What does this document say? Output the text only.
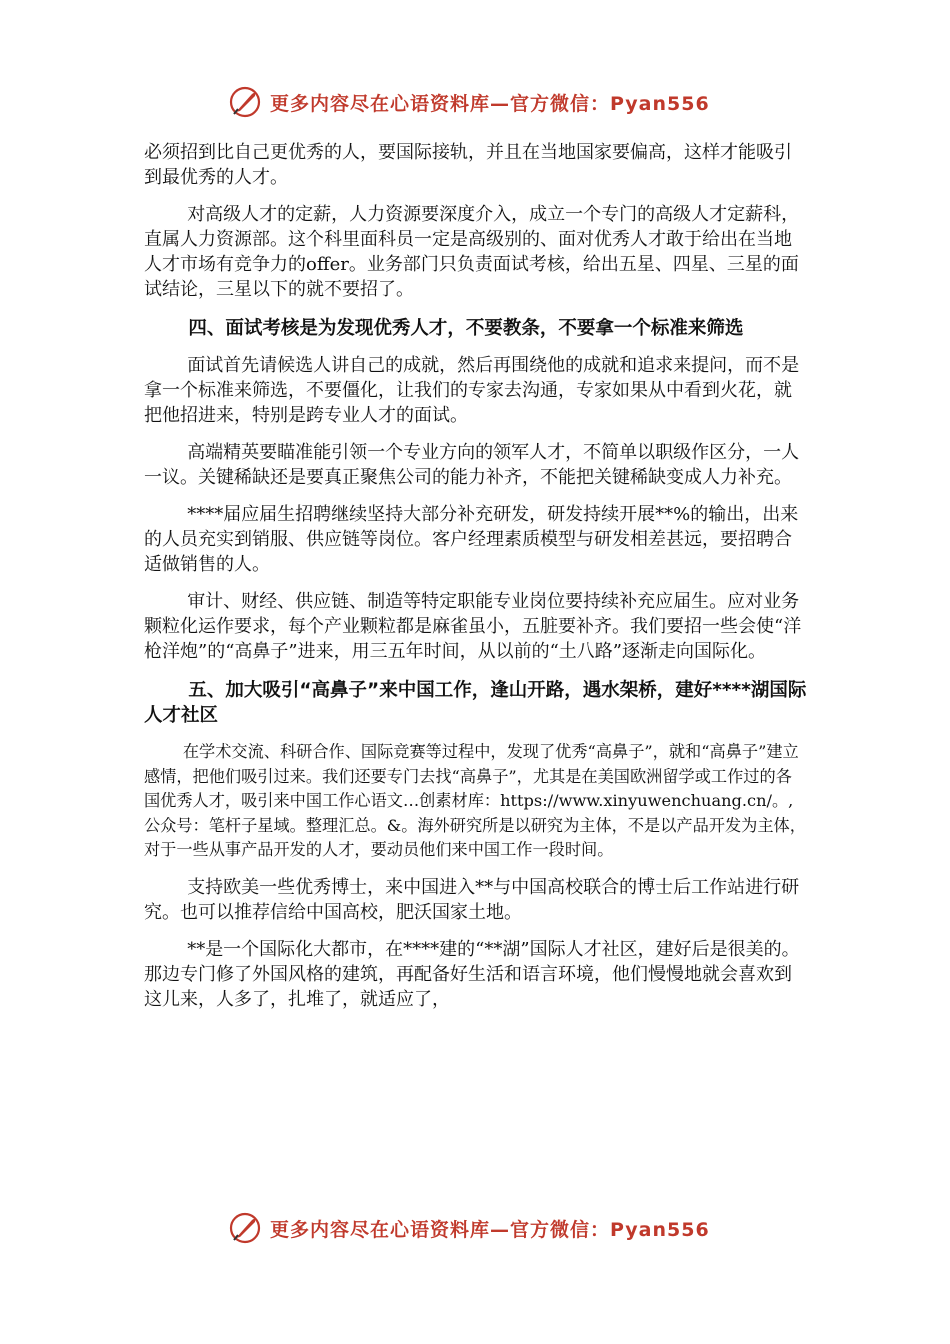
更多内容尽在心语资料库—官方微信：Pyan556

必须招到比自己更优秀的人，要国际接轨，并且在当地国家要偏高，这样才能吸引到最优秀的人才。

对高级人才的定薪，人力资源要深度介入，成立一个专门的高级人才定薪科，直属人力资源部。这个科里面科员一定是高级别的、面对优秀人才敢于给出在当地人才市场有竞争力的offer。业务部门只负责面试考核，给出五星、四星、三星的面试结论，三星以下的就不要招了。

四、面试考核是为发现优秀人才，不要教条，不要拿一个标准来筛选

面试首先请候选人讲自己的成就，然后再围绕他的成就和追求来提问，而不是拿一个标准来筛选，不要僵化，让我们的专家去沟通，专家如果从中看到火花，就把他招进来，特别是跨专业人才的面试。

高端精英要瞄准能引领一个专业方向的领军人才，不简单以职级作区分，一人一议。关键稀缺还是要真正聚焦公司的能力补齐，不能把关键稀缺变成人力补充。

****届应届生招聘继续坚持大部分补充研发，研发持续开展**%的输出，出来的人员充实到销服、供应链等岗位。客户经理素质模型与研发相差甚远，要招聘合适做销售的人。

审计、财经、供应链、制造等特定职能专业岗位要持续补充应届生。应对业务颗粒化运作要求，每个产业颗粒都是麻雀虽小，五脏要补齐。我们要招一些会使“洋枪洋炮”的“高鼻子”进来，用三五年时间，从以前的“土八路”逐渐走向国际化。

五、加大吸引“高鼻子”来中国工作，逢山开路，遇水架桥，建好****湖国际人才社区

在学术交流、科研合作、国际竞赛等过程中，发现了优秀“高鼻子”，就和“高鼻子”建立感情，把他们吸引过来。我们还要专门去找“高鼻子”，尤其是在美国欧洲留学或工作过的各国优秀人才，吸引来中国工作心语文…创素材库：https://www.xinyuwenchuang.cn/。,公众号：笔杆子星域。整理汇总。&。海外研究所是以研究为主体，不是以产品开发为主体，对于一些从事产品开发的人才，要动员他们来中国工作一段时间。

支持欧美一些优秀博士，来中国进入**与中国高校联合的博士后工作站进行研究。也可以推荐信给中国高校，肥沃国家土地。

**是一个国际化大都市，在****建的“**湖”国际人才社区，建好后是很美的。那边专门修了外国风格的建筑，再配备好生活和语言环境，他们慢慢地就会喜欢到这儿来，人多了，扎堆了，就适应了，

更多内容尽在心语资料库—官方微信：Pyan556
